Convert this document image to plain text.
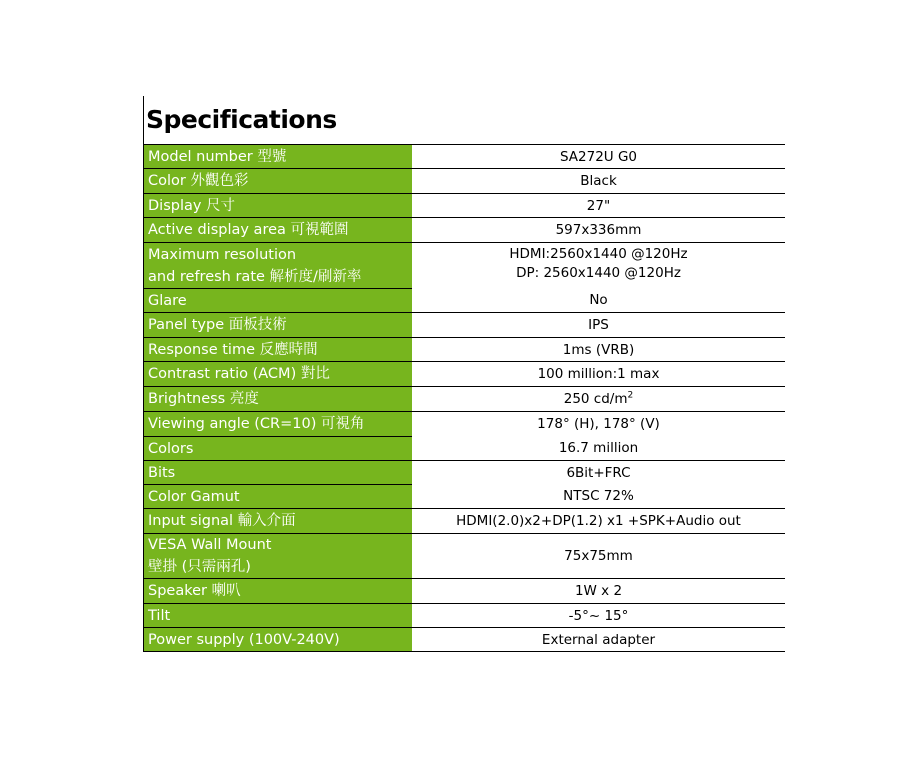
Specifications
Model number 型號	SA272U G0
Color 外觀色彩	Black
Display 尺寸	27"
Active display area 可視範圍	597x336mm

Maximum resolution
and refresh rate 解析度/刷新率	HDMI:2560x1440 @120Hz
DP: 2560x1440 @120Hz

Glare	No
Panel type 面板技術	IPS
Response time 反應時間	1ms (VRB)
Contrast ratio (ACM) 對比	100 million:1 max
Brightness 亮度	250 $cd/m^2$
Viewing angle (CR=10) 可視角	178° (H), 178° (V)
Colors	16.7 million
Bits	6Bit+FRC
Color Gamut	NTSC 72%
Input signal 輸入介面	HDMI(2.0)x2+DP(1.2) x1 +SPK+Audio out

VESA Wall Mount
壁掛 (只需兩孔)	75x75mm
Speaker 喇叭	1W x 2
Tilt	-5°~ 15°
Power supply (100V-240V)	External adapter
